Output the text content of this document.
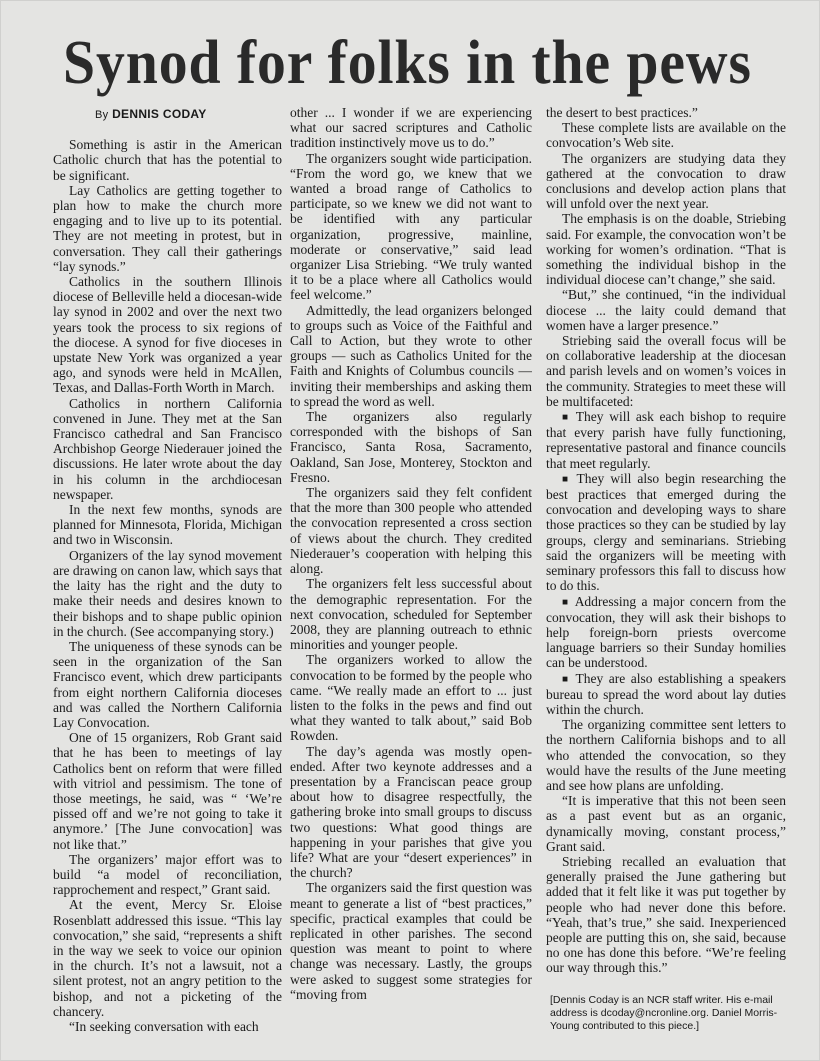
Synod for folks in the pews

By DENNIS CODAY

Something is astir in the American Catholic church that has the potential to be significant.

Lay Catholics are getting together to plan how to make the church more engaging and to live up to its potential. They are not meeting in protest, but in conversation. They call their gatherings “lay synods.”

Catholics in the southern Illinois diocese of Belleville held a diocesan-wide lay synod in 2002 and over the next two years took the process to six regions of the diocese. A synod for five dioceses in upstate New York was organized a year ago, and synods were held in McAllen, Texas, and Dallas-Forth Worth in March.

Catholics in northern California convened in June. They met at the San Francisco cathedral and San Francisco Archbishop George Niederauer joined the discussions. He later wrote about the day in his column in the archdiocesan newspaper.

In the next few months, synods are planned for Minnesota, Florida, Michigan and two in Wisconsin.

Organizers of the lay synod movement are drawing on canon law, which says that the laity has the right and the duty to make their needs and desires known to their bishops and to shape public opinion in the church. (See accompanying story.)

The uniqueness of these synods can be seen in the organization of the San Francisco event, which drew participants from eight northern California dioceses and was called the Northern California Lay Convocation.

One of 15 organizers, Rob Grant said that he has been to meetings of lay Catholics bent on reform that were filled with vitriol and pessimism. The tone of those meetings, he said, was “ ‘We’re pissed off and we’re not going to take it anymore.’ [The June convocation] was not like that.”

The organizers’ major effort was to build “a model of reconciliation, rapprochement and respect,” Grant said.

At the event, Mercy Sr. Eloise Rosenblatt addressed this issue. “This lay convocation,” she said, “represents a shift in the way we seek to voice our opinion in the church. It’s not a lawsuit, not a silent protest, not an angry petition to the bishop, and not a picketing of the chancery.

“In seeking conversation with each

other ... I wonder if we are experiencing what our sacred scriptures and Catholic tradition instinctively move us to do.”

The organizers sought wide participation. “From the word go, we knew that we wanted a broad range of Catholics to participate, so we knew we did not want to be identified with any particular organization, progressive, mainline, moderate or conservative,” said lead organizer Lisa Striebing. “We truly wanted it to be a place where all Catholics would feel welcome.”

Admittedly, the lead organizers belonged to groups such as Voice of the Faithful and Call to Action, but they wrote to other groups — such as Catholics United for the Faith and Knights of Columbus councils — inviting their memberships and asking them to spread the word as well.

The organizers also regularly corresponded with the bishops of San Francisco, Santa Rosa, Sacramento, Oakland, San Jose, Monterey, Stockton and Fresno.

The organizers said they felt confident that the more than 300 people who attended the convocation represented a cross section of views about the church. They credited Niederauer’s cooperation with helping this along.

The organizers felt less successful about the demographic representation. For the next convocation, scheduled for September 2008, they are planning outreach to ethnic minorities and younger people.

The organizers worked to allow the convocation to be formed by the people who came. “We really made an effort to ... just listen to the folks in the pews and find out what they wanted to talk about,” said Bob Rowden.

The day’s agenda was mostly open-ended. After two keynote addresses and a presentation by a Franciscan peace group about how to disagree respectfully, the gathering broke into small groups to discuss two questions: What good things are happening in your parishes that give you life? What are your “desert experiences” in the church?

The organizers said the first question was meant to generate a list of “best practices,” specific, practical examples that could be replicated in other parishes. The second question was meant to point to where change was necessary. Lastly, the groups were asked to suggest some strategies for “moving from

the desert to best practices.”

These complete lists are available on the convocation’s Web site.

The organizers are studying data they gathered at the convocation to draw conclusions and develop action plans that will unfold over the next year.

The emphasis is on the doable, Striebing said. For example, the convocation won’t be working for women’s ordination. “That is something the individual bishop in the individual diocese can’t change,” she said.

“But,” she continued, “in the individual diocese ... the laity could demand that women have a larger presence.”

Striebing said the overall focus will be on collaborative leadership at the diocesan and parish levels and on women’s voices in the community. Strategies to meet these will be multifaceted:

■ They will ask each bishop to require that every parish have fully functioning, representative pastoral and finance councils that meet regularly.

■ They will also begin researching the best practices that emerged during the convocation and developing ways to share those practices so they can be studied by lay groups, clergy and seminarians. Striebing said the organizers will be meeting with seminary professors this fall to discuss how to do this.

■ Addressing a major concern from the convocation, they will ask their bishops to help foreign-born priests overcome language barriers so their Sunday homilies can be understood.

■ They are also establishing a speakers bureau to spread the word about lay duties within the church.

The organizing committee sent letters to the northern California bishops and to all who attended the convocation, so they would have the results of the June meeting and see how plans are unfolding.

“It is imperative that this not been seen as a past event but as an organic, dynamically moving, constant process,” Grant said.

Striebing recalled an evaluation that generally praised the June gathering but added that it felt like it was put together by people who had never done this before. “Yeah, that’s true,” she said. Inexperienced people are putting this on, she said, because no one has done this before. “We’re feeling our way through this.”

[Dennis Coday is an NCR staff writer. His e-mail address is dcoday@ncronline.org. Daniel Morris-Young contributed to this piece.]
